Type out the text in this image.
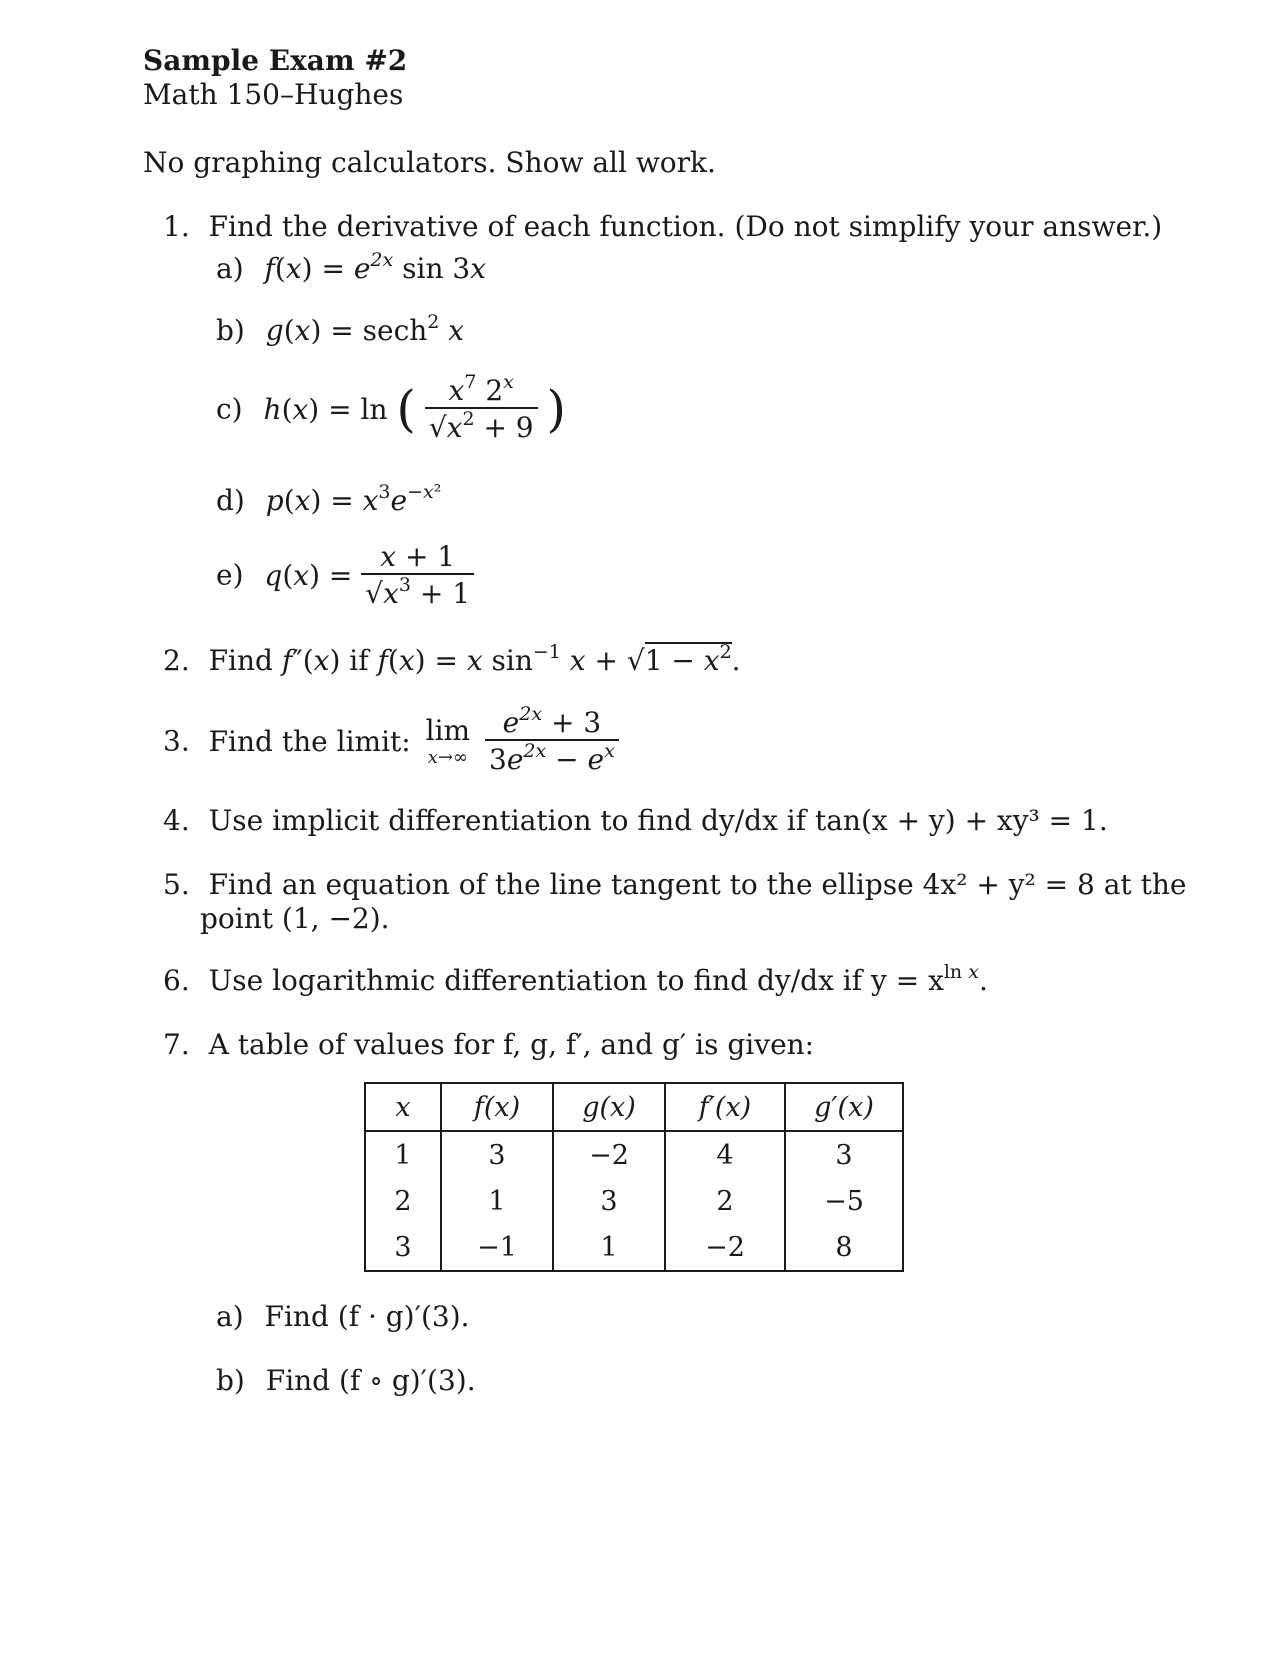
Sample Exam #2
Math 150–Hughes
No graphing calculators. Show all work.
1. Find the derivative of each function. (Do not simplify your answer.)
a) $f(x) = e^{2x}$ sin 3x
b) g(x) = sech$^2$ x
c) h(x) = ln ( $\frac{x^7 2^x}{√x^2 + 9}$ )
d) $p(x) = x^3e^{-x^2}$
e) $q(x) = \frac{x + 1}{√x^3 + 1}$
2. Find f″(x) if f(x) = x $\sin^{-1} x + √1 - x^2$.
3. Find the limit: lim
x→∞
$\frac{e^{2x} + 3}{3e^{2x} - e^x}$
4. Use implicit differentiation to find dy/dx if tan(x + y) + xy³ = 1.
5. Find an equation of the line tangent to the ellipse 4x² + y² = 8 at the
point (1, −2).
6. Use logarithmic differentiation to find dy/dx if $y = x^{ln x}$.
7. A table of values for f, g, f′, and g′ is given:
x	f(x)	g(x)	f′(x)	g′(x)
1	3	−2	4	3
2	1	3	2	−5
3	−1	1	−2	8
a) Find (f · g)′(3).
b) Find (f ∘ g)′(3).
